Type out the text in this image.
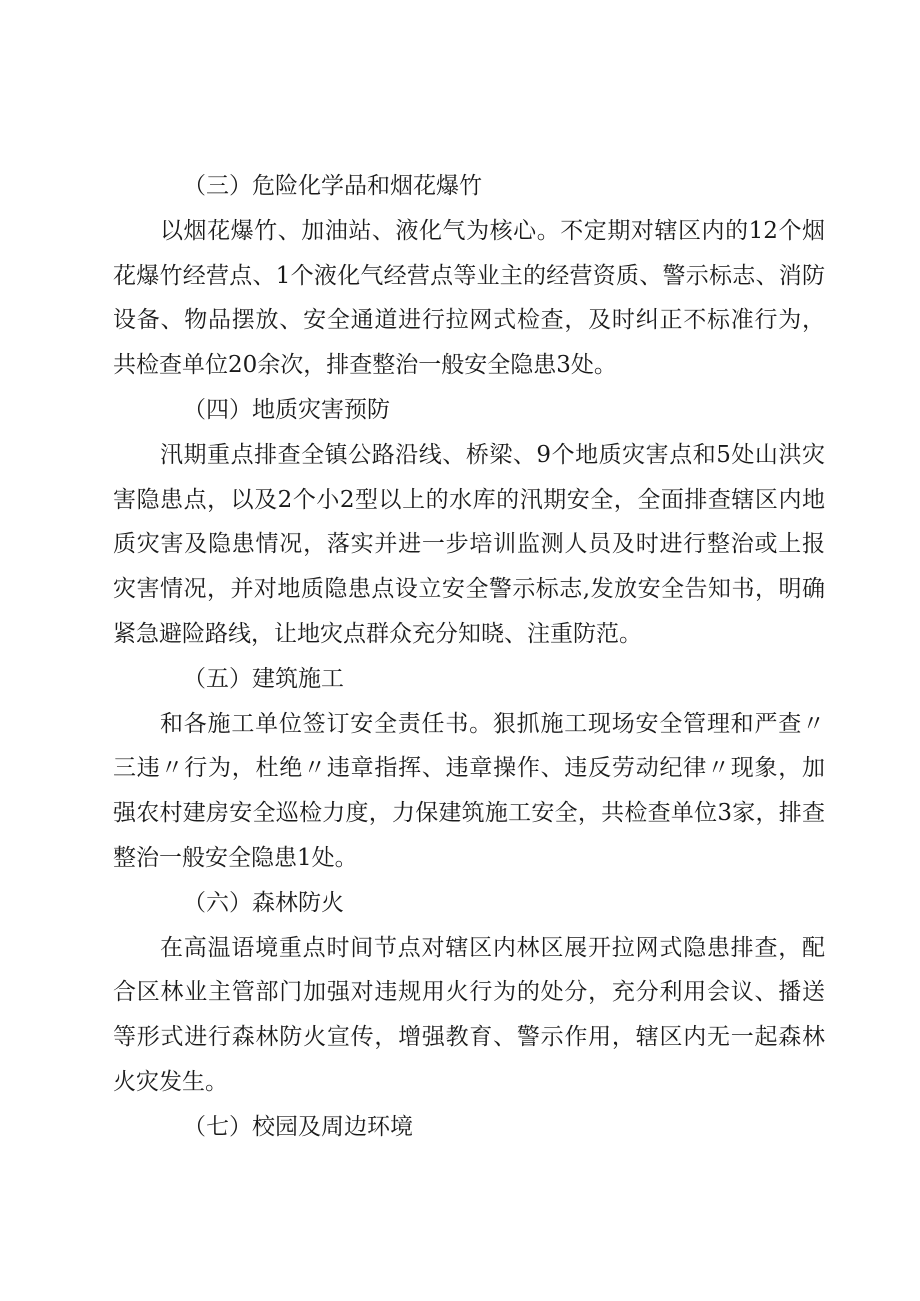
（三）危险化学品和烟花爆竹

以烟花爆竹、加油站、液化气为核心。不定期对辖区内的12个烟花爆竹经营点、1个液化气经营点等业主的经营资质、警示标志、消防设备、物品摆放、安全通道进行拉网式检查，及时纠正不标准行为，共检查单位20余次，排查整治一般安全隐患3处。

（四）地质灾害预防

汛期重点排查全镇公路沿线、桥梁、9个地质灾害点和5处山洪灾害隐患点，以及2个小2型以上的水库的汛期安全，全面排查辖区内地质灾害及隐患情况，落实并进一步培训监测人员及时进行整治或上报灾害情况，并对地质隐患点设立安全警示标志,发放安全告知书，明确紧急避险路线，让地灾点群众充分知晓、注重防范。

（五）建筑施工

和各施工单位签订安全责任书。狠抓施工现场安全管理和严查〃三违〃行为，杜绝〃违章指挥、违章操作、违反劳动纪律〃现象，加强农村建房安全巡检力度，力保建筑施工安全，共检查单位3家，排查整治一般安全隐患1处。

（六）森林防火

在高温语境重点时间节点对辖区内林区展开拉网式隐患排查，配合区林业主管部门加强对违规用火行为的处分，充分利用会议、播送等形式进行森林防火宣传，增强教育、警示作用，辖区内无一起森林火灾发生。

（七）校园及周边环境
